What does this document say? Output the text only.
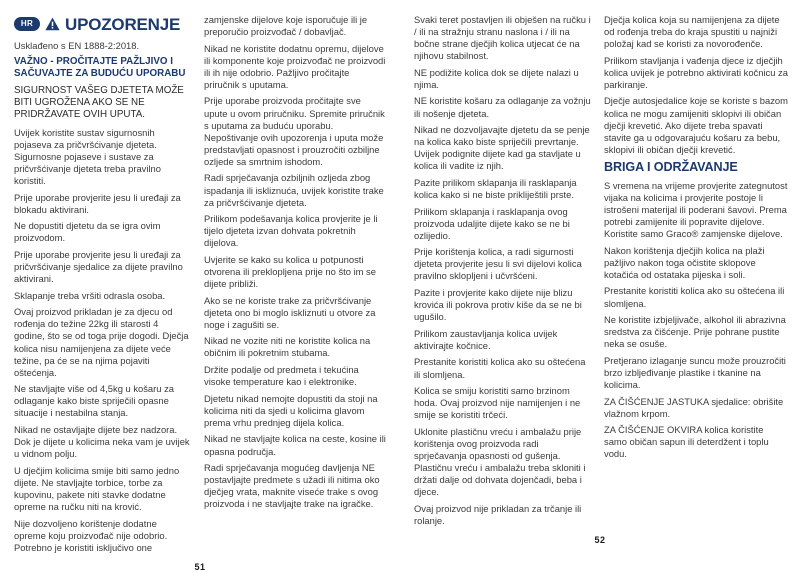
HR	UPOZORENJE
Usklađeno s EN 1888-2:2018.
VAŽNO - PROČITAJTE PAŽLJIVO I SAČUVAJTE ZA BUDUĆU UPORABU
SIGURNOST VAŠEG DJETETA MOŽE BITI UGROŽENA AKO SE NE PRIDRŽAVATE OVIH UPUTA.

Uvijek koristite sustav sigurnosnih pojaseva za pričvršćivanje djeteta. Sigurnosne pojaseve i sustave za pričvršćivanje djeteta treba pravilno koristiti.

Prije uporabe provjerite jesu li uređaji za blokadu aktivirani.

Ne dopustiti djetetu da se igra ovim proizvodom.

Prije uporabe provjerite jesu li uređaji za pričvršćivanje sjedalice za dijete pravilno aktivirani.

Sklapanje treba vršiti odrasla osoba.

Ovaj proizvod prikladan je za djecu od rođenja do težine 22kg ili starosti 4 godine, što se od toga prije dogodi. Dječja kolica nisu namijenjena za dijete veće težine, pa će se na njima pojaviti oštećenja.

Ne stavljajte više od 4,5kg u košaru za odlaganje kako biste spriječili opasne situacije i nestabilna stanja.

Nikad ne ostavljajte dijete bez nadzora. Dok je dijete u kolicima neka vam je uvijek u vidnom polju.

U dječjim kolicima smije biti samo jedno dijete. Ne stavljajte torbice, torbe za kupovinu, pakete niti stavke dodatne opreme na ručku niti na krović.

Nije dozvoljeno korištenje dodatne opreme koju proizvođač nije odobrio. Potrebno je koristiti isključivo one

zamjenske dijelove koje isporučuje ili je preporučio proizvođač / dobavljač.

Nikad ne koristite dodatnu opremu, dijelove ili komponente koje proizvođač ne proizvodi ili ih nije odobrio. Pažljivo pročitajte priručnik s uputama.

Prije uporabe proizvoda pročitajte sve upute u ovom priručniku. Spremite priručnik s uputama za buduću uporabu. Nepoštivanje ovih upozorenja i uputa može predstavljati opasnost i prouzročiti ozbiljne ozljede sa smrtnim ishodom.

Radi sprječavanja ozbiljnih ozljeda zbog ispadanja ili iskliznuća, uvijek koristite trake za pričvršćivanje djeteta.

Prilikom podešavanja kolica provjerite je li tijelo djeteta izvan dohvata pokretnih dijelova.

Uvjerite se kako su kolica u potpunosti otvorena ili preklopljena prije no što im se dijete približi.

Ako se ne koriste trake za pričvršćivanje djeteta ono bi moglo iskliznuti u otvore za noge i zagušiti se.

Nikad ne vozite niti ne koristite kolica na običnim ili pokretnim stubama.

Držite podalje od predmeta i tekućina visoke temperature kao i elektronike.

Djetetu nikad nemojte dopustiti da stoji na kolicima niti da sjedi u kolicima glavom prema vrhu prednjeg dijela kolica.

Nikad ne stavljajte kolica na ceste, kosine ili opasna područja.

Radi sprječavanja mogućeg davljenja NE postavljajte predmete s užadi ili nitima oko dječjeg vrata, maknite viseće trake s ovog proizvoda i ne stavljajte trake na igračke.

51

Svaki teret postavljen ili obješen na ručku i / ili na stražnju stranu naslona i / ili na bočne strane dječjih kolica utjecat će na njihovu stabilnost.

NE podižite kolica dok se dijete nalazi u njima.

NE koristite košaru za odlaganje za vožnju ili nošenje djeteta.

Nikad ne dozvoljavajte djetetu da se penje na kolica kako biste spriječili prevrtanje. Uvijek podignite dijete kad ga stavljate u kolica ili vadite iz njih.

Pazite prilikom sklapanja ili rasklapanja kolica kako si ne biste prikliještili prste.

Prilikom sklapanja i rasklapanja ovog proizvoda udaljite dijete kako se ne bi ozlijedio.

Prije korištenja kolica, a radi sigurnosti djeteta provjerite jesu li svi dijelovi kolica pravilno sklopljeni i učvršćeni.

Pazite i provjerite kako dijete nije blizu krovića ili pokrova protiv kiše da se ne bi ugušilo.

Prilikom zaustavljanja kolica uvijek aktivirajte kočnice.

Prestanite koristiti kolica ako su oštećena ili slomljena.

Kolica se smiju koristiti samo brzinom hoda. Ovaj proizvod nije namijenjen i ne smije se koristiti trčeći.

Uklonite plastičnu vreću i ambalažu prije korištenja ovog proizvoda radi sprječavanja opasnosti od gušenja. Plastičnu vreću i ambalažu treba skloniti i držati dalje od dohvata dojenčadi, beba i djece.

Ovaj proizvod nije prikladan za trčanje ili rolanje.

Dječja kolica koja su namijenjena za dijete od rođenja treba do kraja spustiti u najniži položaj kad se koristi za novorođenče.

Prilikom stavljanja i vađenja djece iz dječjih kolica uvijek je potrebno aktivirati kočnicu za parkiranje.

Dječje autosjedalice koje se koriste s bazom kolica ne mogu zamijeniti sklopivi ili običan dječji krevetić. Ako dijete treba spavati stavite ga u odgovarajuću košaru za bebu, sklopivi ili običan dječji krevetić.

BRIGA I ODRŽAVANJE

S vremena na vrijeme provjerite zategnutost vijaka na kolicima i provjerite postoje li istrošeni materijal ili poderani šavovi. Prema potrebi zamijenite ili popravite dijelove. Koristite samo Graco® zamjenske dijelove.

Nakon korištenja dječjih kolica na plaži pažljivo nakon toga očistite sklopove kotačića od ostataka pijeska i soli.

Prestanite koristiti kolica ako su oštećena ili slomljena.

Ne koristite izbjeljivače, alkohol ili abrazivna sredstva za čišćenje. Prije pohrane pustite neka se osuše.

Pretjerano izlaganje suncu može prouzročiti brzo izbljeđivanje plastike i tkanine na kolicima.

ZA ČIŠĆENJE JASTUKA sjedalice: obrišite vlažnom krpom.

ZA ČIŠĆENJE OKVIRA kolica koristite samo običan sapun ili deterdžent i toplu vodu.

52
